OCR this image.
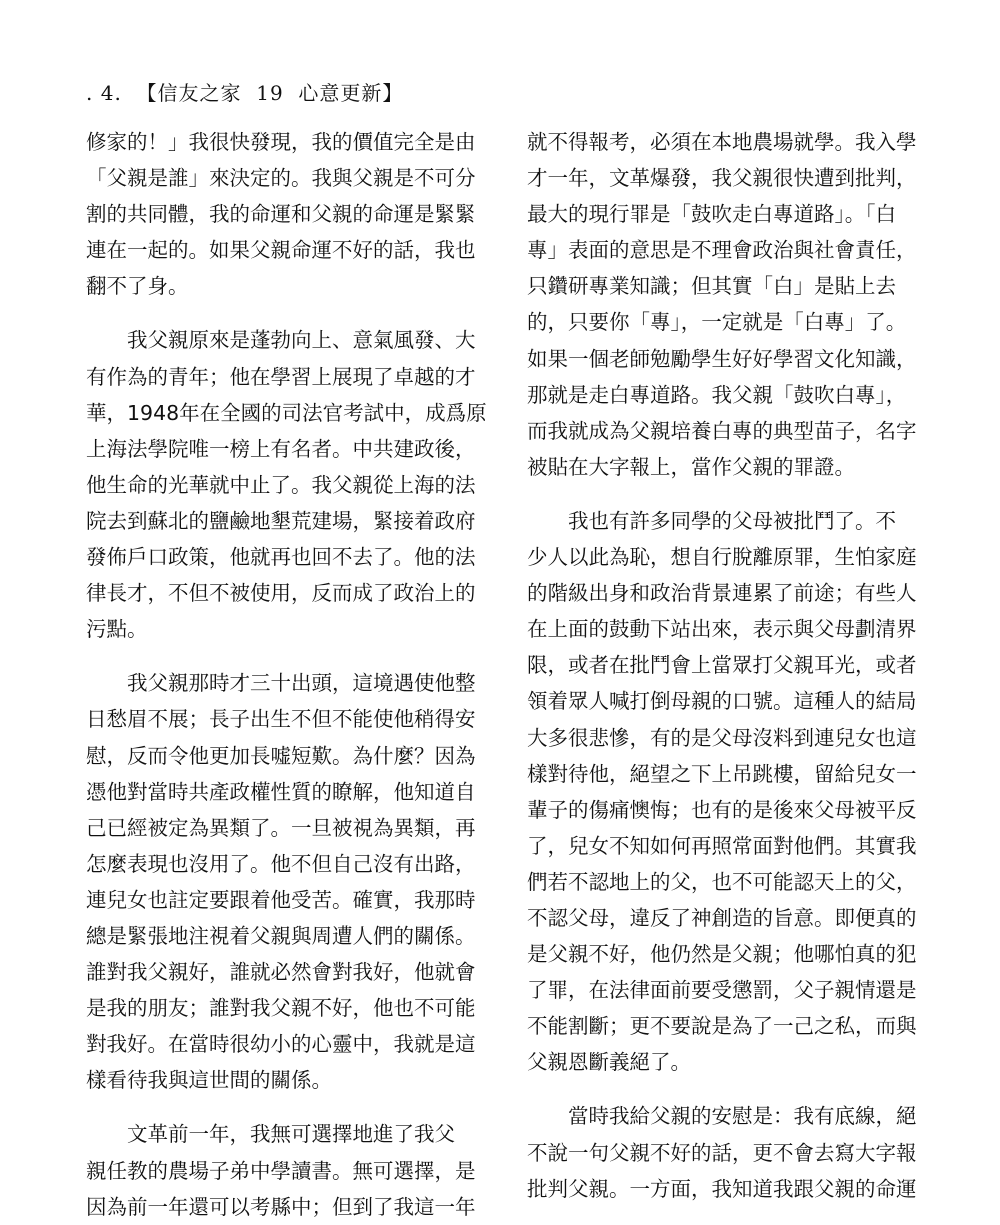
. 4.  【信友之家  19  心意更新】
修家的！」我很快發現，我的價值完全是由
「父親是誰」來決定的。我與父親是不可分
割的共同體，我的命運和父親的命運是緊緊
連在一起的。如果父親命運不好的話，我也
翻不了身。
　　我父親原來是蓬勃向上、意氣風發、大
有作為的青年；他在學習上展現了卓越的才
華，1948年在全國的司法官考試中，成爲原
上海法學院唯一榜上有名者。中共建政後，
他生命的光華就中止了。我父親從上海的法
院去到蘇北的鹽鹼地墾荒建場，緊接着政府
發佈戶口政策，他就再也回不去了。他的法
律長才，不但不被使用，反而成了政治上的
污點。
　　我父親那時才三十出頭，這境遇使他整
日愁眉不展；長子出生不但不能使他稍得安
慰，反而令他更加長嘘短歎。為什麼？因為
憑他對當時共產政權性質的瞭解，他知道自
己已經被定為異類了。一旦被視為異類，再
怎麼表現也沒用了。他不但自己沒有出路，
連兒女也註定要跟着他受苦。確實，我那時
總是緊張地注視着父親與周遭人們的關係。
誰對我父親好，誰就必然會對我好，他就會
是我的朋友；誰對我父親不好，他也不可能
對我好。在當時很幼小的心靈中，我就是這
樣看待我與這世間的關係。
　　文革前一年，我無可選擇地進了我父
親任教的農場子弟中學讀書。無可選擇，是
因為前一年還可以考縣中；但到了我這一年
就不得報考，必須在本地農場就學。我入學
才一年，文革爆發，我父親很快遭到批判，
最大的現行罪是「鼓吹走白專道路」。「白
專」表面的意思是不理會政治與社會責任，
只鑽研專業知識；但其實「白」是貼上去
的，只要你「專」，一定就是「白專」了。
如果一個老師勉勵學生好好學習文化知識，
那就是走白專道路。我父親「鼓吹白專」，
而我就成為父親培養白專的典型苗子，名字
被貼在大字報上，當作父親的罪證。
　　我也有許多同學的父母被批鬥了。不
少人以此為恥，想自行脫離原罪，生怕家庭
的階級出身和政治背景連累了前途；有些人
在上面的鼓動下站出來，表示與父母劃清界
限，或者在批鬥會上當眾打父親耳光，或者
領着眾人喊打倒母親的口號。這種人的結局
大多很悲慘，有的是父母沒料到連兒女也這
樣對待他，絕望之下上吊跳樓，留給兒女一
輩子的傷痛懊悔；也有的是後來父母被平反
了，兒女不知如何再照常面對他們。其實我
們若不認地上的父，也不可能認天上的父，
不認父母，違反了神創造的旨意。即便真的
是父親不好，他仍然是父親；他哪怕真的犯
了罪，在法律面前要受懲罰，父子親情還是
不能割斷；更不要說是為了一己之私，而與
父親恩斷義絕了。
　　當時我給父親的安慰是：我有底線，絕
不說一句父親不好的話，更不會去寫大字報
批判父親。一方面，我知道我跟父親的命運
